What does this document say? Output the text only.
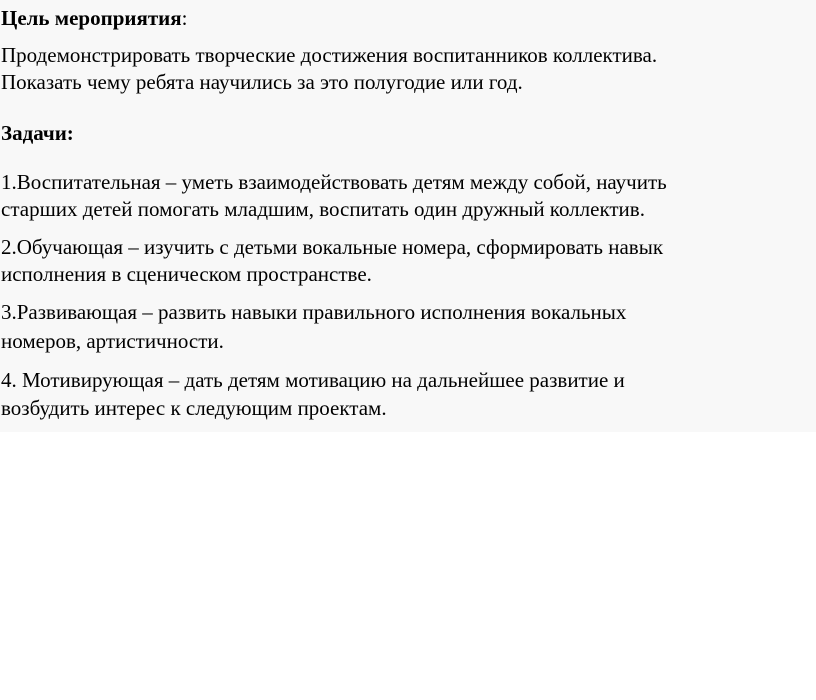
Цель мероприятия:

Продемонстрировать творческие достижения воспитанников коллектива.

Показать чему ребята научились за это полугодие или год.

Задачи:

1.Воспитательная – уметь взаимодействовать детям между собой, научить

старших детей помогать младшим, воспитать один дружный коллектив.

2.Обучающая – изучить с детьми вокальные номера, сформировать навык

исполнения в сценическом пространстве.

3.Развивающая – развить навыки правильного исполнения вокальных

номеров, артистичности.

4. Мотивирующая – дать детям мотивацию на дальнейшее развитие и

возбудить интерес к следующим проектам.
